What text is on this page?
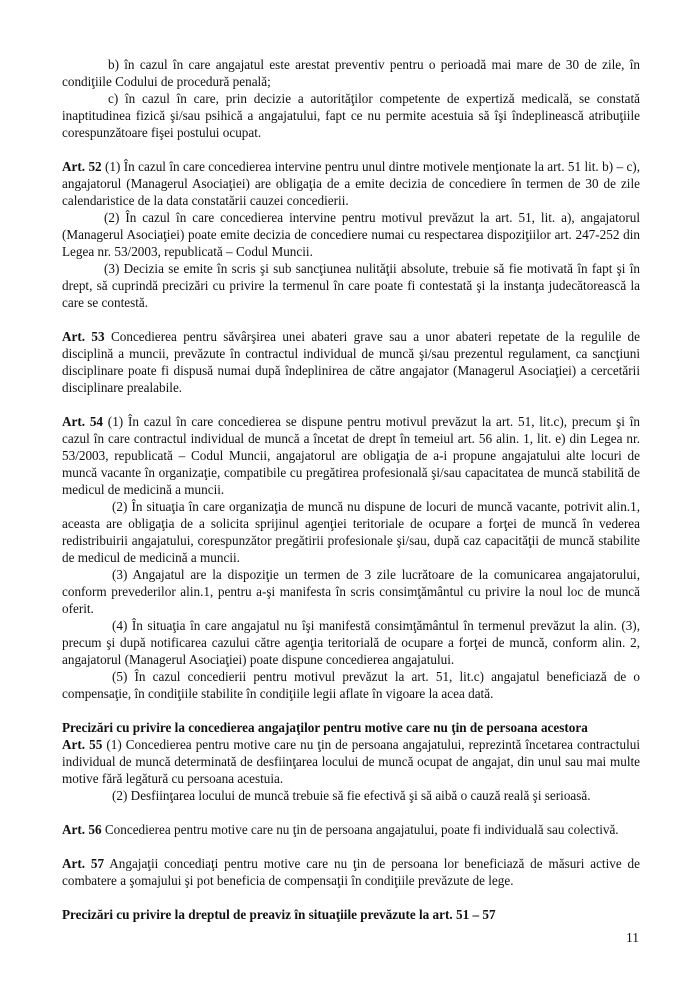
b) în cazul în care angajatul este arestat preventiv pentru o perioadă mai mare de 30 de zile, în condiţiile Codului de procedură penală;

c) în cazul în care, prin decizie a autorităţilor competente de expertiză medicală, se constată inaptitudinea fizică şi/sau psihică a angajatului, fapt ce nu permite acestuia să îşi îndeplinească atribuţiile corespunzătoare fişei postului ocupat.

Art. 52 (1) În cazul în care concedierea intervine pentru unul dintre motivele menţionate la art. 51 lit. b) – c), angajatorul (Managerul Asociaţiei) are obligaţia de a emite decizia de concediere în termen de 30 de zile calendaristice de la data constatării cauzei concedierii.

(2) În cazul în care concedierea intervine pentru motivul prevăzut la art. 51, lit. a), angajatorul (Managerul Asociaţiei) poate emite decizia de concediere numai cu respectarea dispoziţiilor art. 247-252 din Legea nr. 53/2003, republicată – Codul Muncii.

(3) Decizia se emite în scris şi sub sancţiunea nulităţii absolute, trebuie să fie motivată în fapt şi în drept, să cuprindă precizări cu privire la termenul în care poate fi contestată şi la instanţa judecătorească la care se contestă.

Art. 53 Concedierea pentru săvârşirea unei abateri grave sau a unor abateri repetate de la regulile de disciplină a muncii, prevăzute în contractul individual de muncă şi/sau prezentul regulament, ca sancţiuni disciplinare poate fi dispusă numai după îndeplinirea de către angajator (Managerul Asociaţiei) a cercetării disciplinare prealabile.

Art. 54 (1) În cazul în care concedierea se dispune pentru motivul prevăzut la art. 51, lit.c), precum şi în cazul în care contractul individual de muncă a încetat de drept în temeiul art. 56 alin. 1, lit. e) din Legea nr. 53/2003, republicată – Codul Muncii, angajatorul are obligaţia de a-i propune angajatului alte locuri de muncă vacante în organizaţie, compatibile cu pregătirea profesională şi/sau capacitatea de muncă stabilită de medicul de medicină a muncii.

(2) În situaţia în care organizaţia de muncă nu dispune de locuri de muncă vacante, potrivit alin.1, aceasta are obligaţia de a solicita sprijinul agenţiei teritoriale de ocupare a forţei de muncă în vederea redistribuirii angajatului, corespunzător pregătirii profesionale şi/sau, după caz capacităţii de muncă stabilite de medicul de medicină a muncii.

(3) Angajatul are la dispoziţie un termen de 3 zile lucrătoare de la comunicarea angajatorului, conform prevederilor alin.1, pentru a-şi manifesta în scris consimţământul cu privire la noul loc de muncă oferit.

(4) În situaţia în care angajatul nu îşi manifestă consimţământul în termenul prevăzut la alin. (3), precum şi după notificarea cazului către agenţia teritorială de ocupare a forţei de muncă, conform alin. 2, angajatorul (Managerul Asociaţiei) poate dispune concedierea angajatului.

(5) În cazul concedierii pentru motivul prevăzut la art. 51, lit.c) angajatul beneficiază de o compensaţie, în condiţiile stabilite în condiţiile legii aflate în vigoare la acea dată.

Precizări cu privire la concedierea angajaţilor pentru motive care nu ţin de persoana acestora

Art. 55 (1) Concedierea pentru motive care nu ţin de persoana angajatului, reprezintă încetarea contractului individual de muncă determinată de desfiinţarea locului de muncă ocupat de angajat, din unul sau mai multe motive fără legătură cu persoana acestuia.

(2) Desfiinţarea locului de muncă trebuie să fie efectivă şi să aibă o cauză reală şi serioasă.

Art. 56 Concedierea pentru motive care nu ţin de persoana angajatului, poate fi individuală sau colectivă.

Art. 57 Angajaţii concediaţi pentru motive care nu ţin de persoana lor beneficiază de măsuri active de combatere a şomajului şi pot beneficia de compensaţii în condiţiile prevăzute de lege.

Precizări cu privire la dreptul de preaviz în situaţiile prevăzute la art. 51 – 57

11
